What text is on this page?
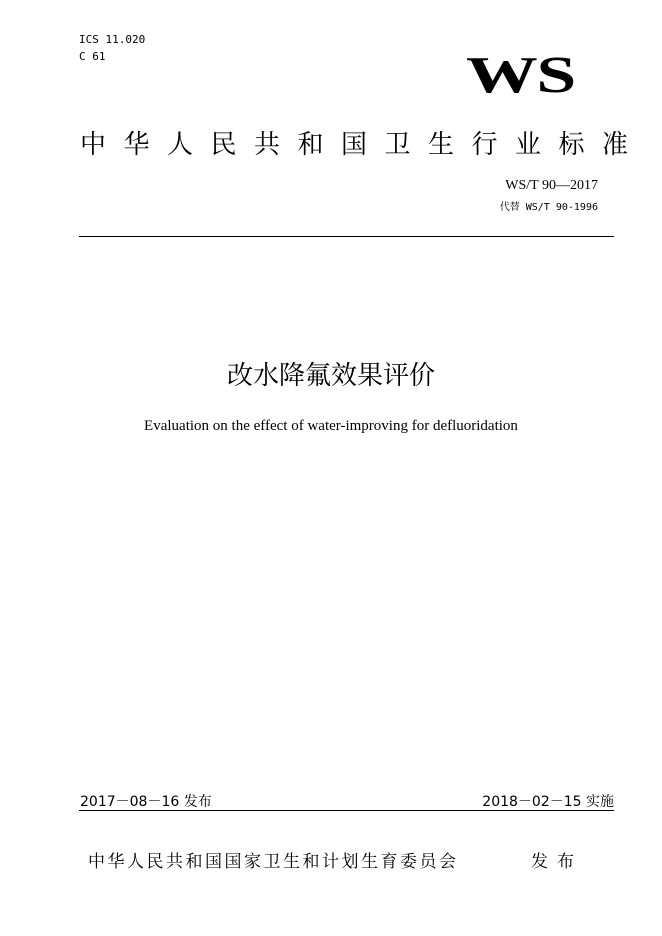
ICS 11.020
C 61	WS
中华人民共和国卫生行业标准
WS/T 90—2017
代替 WS/T 90-1996
改水降氟效果评价
Evaluation on the effect of water-improving for defluoridation
2017－08－16 发布	2018－02－15 实施
中华人民共和国国家卫生和计划生育委员会	发布
